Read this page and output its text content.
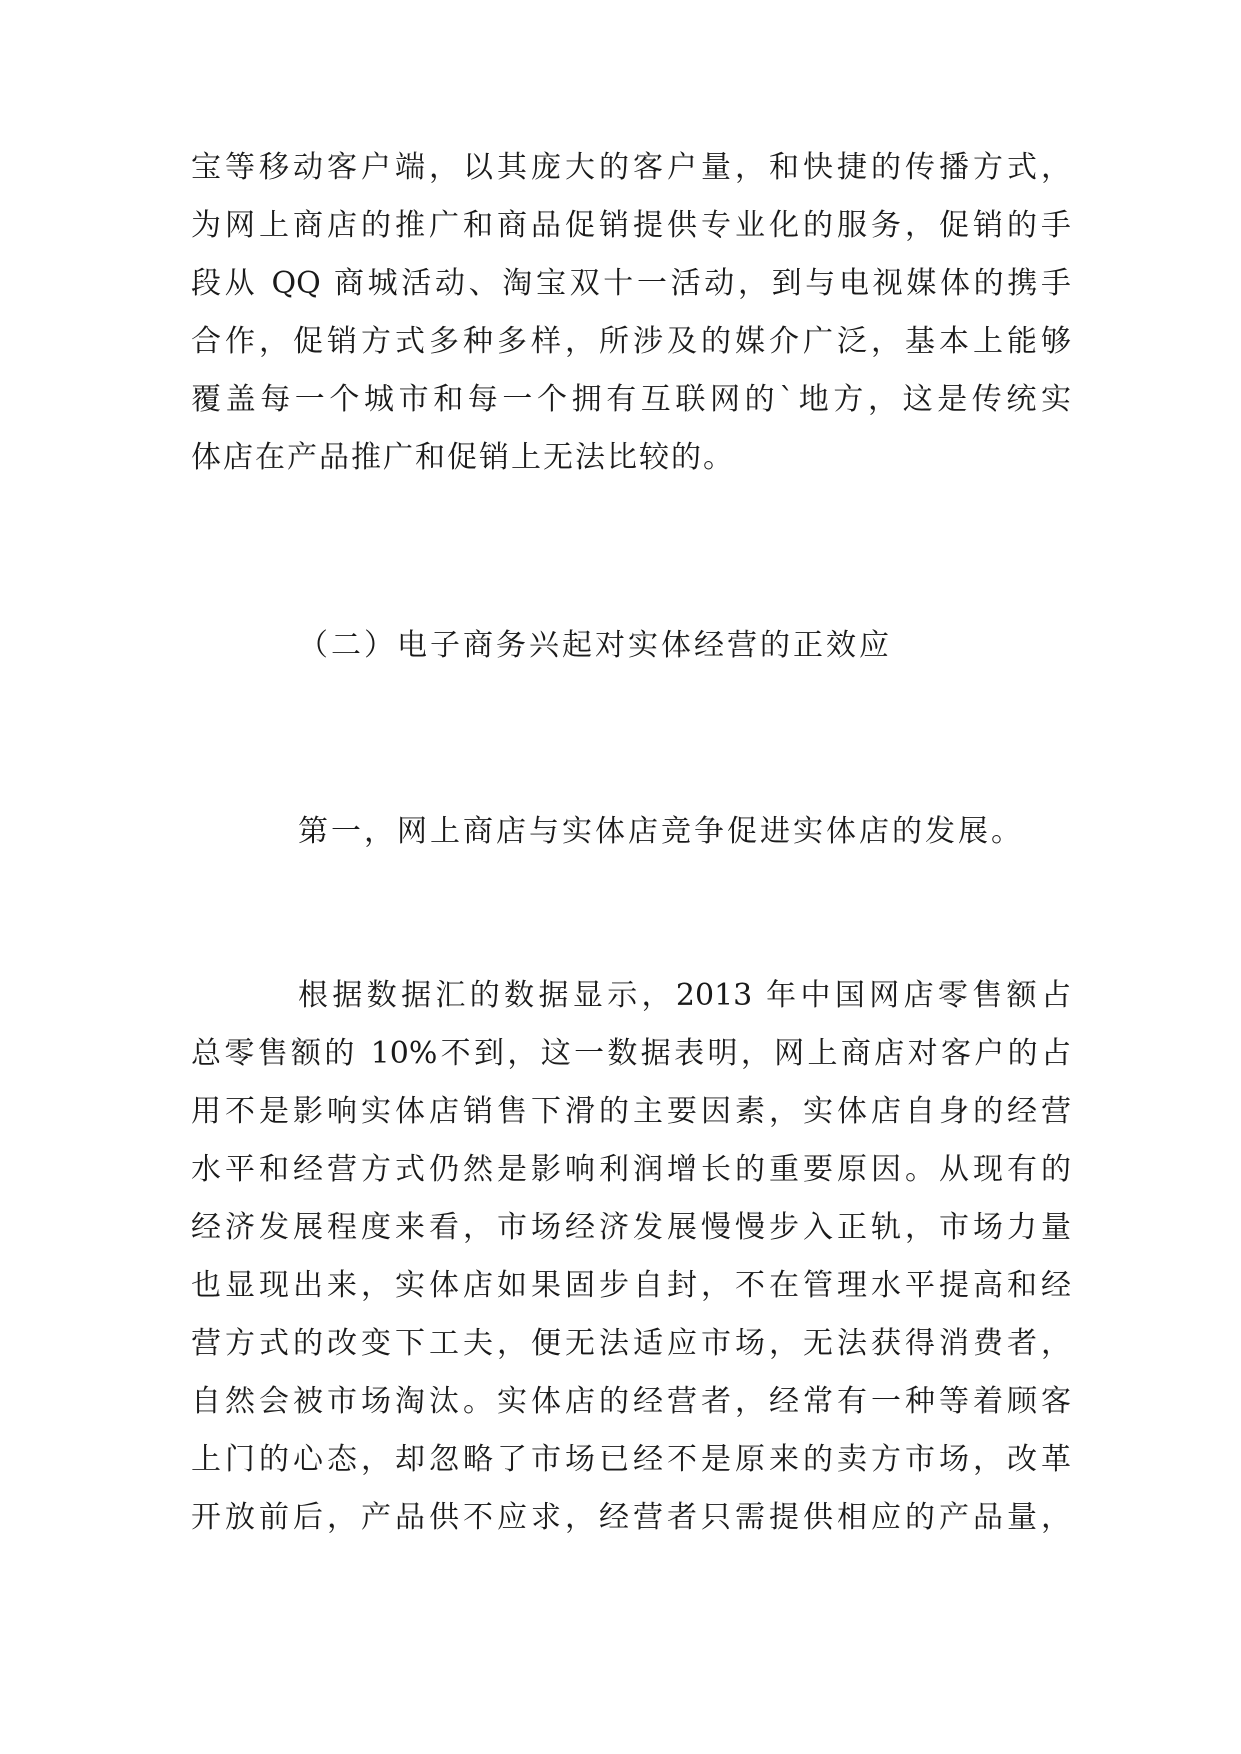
宝等移动客户端，以其庞大的客户量，和快捷的传播方式，
为网上商店的推广和商品促销提供专业化的服务，促销的手
段从 QQ 商城活动、淘宝双十一活动，到与电视媒体的携手
合作，促销方式多种多样，所涉及的媒介广泛，基本上能够
覆盖每一个城市和每一个拥有互联网的`地方，这是传统实
体店在产品推广和促销上无法比较的。
（二）电子商务兴起对实体经营的正效应
第一，网上商店与实体店竞争促进实体店的发展。
根据数据汇的数据显示，2013 年中国网店零售额占
总零售额的 10%不到，这一数据表明，网上商店对客户的占
用不是影响实体店销售下滑的主要因素，实体店自身的经营
水平和经营方式仍然是影响利润增长的重要原因。从现有的
经济发展程度来看，市场经济发展慢慢步入正轨，市场力量
也显现出来，实体店如果固步自封，不在管理水平提高和经
营方式的改变下工夫，便无法适应市场，无法获得消费者，
自然会被市场淘汰。实体店的经营者，经常有一种等着顾客
上门的心态，却忽略了市场已经不是原来的卖方市场，改革
开放前后，产品供不应求，经营者只需提供相应的产品量，
